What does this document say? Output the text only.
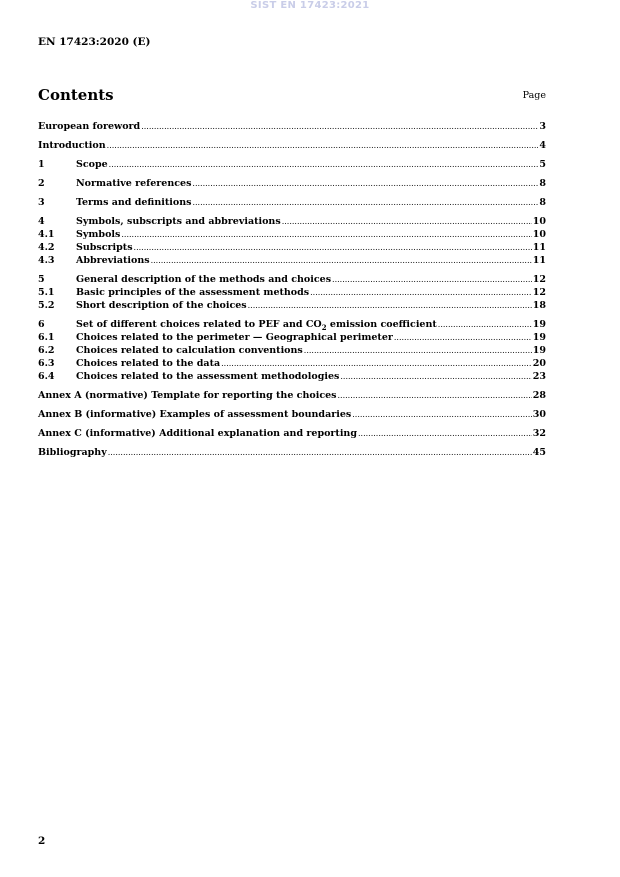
SIST EN 17423:2021
EN 17423:2020 (E)
Contents	Page
European foreword .....	3
Introduction .....	4
1	Scope .....	5
2	Normative references .....	8
3	Terms and definitions .....	8
4	Symbols, subscripts and abbreviations .....	10
4.1	Symbols .....	10
4.2	Subscripts .....	11
4.3	Abbreviations .....	11
5	General description of the methods and choices .....	12
5.1	Basic principles of the assessment methods .....	12
5.2	Short description of the choices .....	18
6	Set of different choices related to PEF and $CO_2$ emission coefficient .....	19
6.1	Choices related to the perimeter — Geographical perimeter .....	19
6.2	Choices related to calculation conventions .....	19
6.3	Choices related to the data .....	20
6.4	Choices related to the assessment methodologies .....	23
Annex A (normative) Template for reporting the choices .....	28
Annex B (informative) Examples of assessment boundaries .....	30
Annex C (informative) Additional explanation and reporting .....	32
Bibliography .....	45
2
